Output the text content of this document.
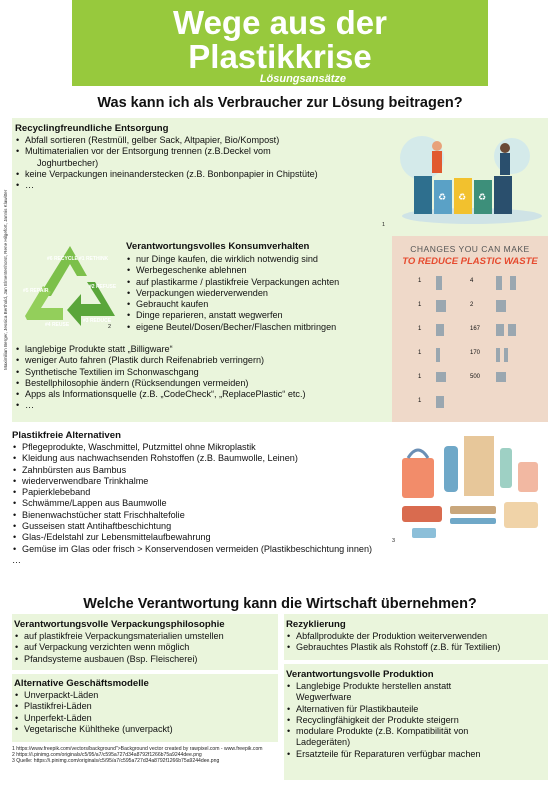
Maximilian Berger, Jessica Berthold, Jan Elmentenhorst, Rene Hilgefort, Jannis Klawitter
Wege aus der
Plastikkrise
Lösungsansätze
Was kann ich als Verbraucher zur Lösung beitragen?
Recyclingfreundliche Entsorgung
• Abfall sortieren (Restmüll, gelber Sack, Altpapier, Bio/Kompost)
• Multimaterialien vor der Entsorgung trennen (z.B.Deckel vom
Joghurtbecher)
• keine Verpackungen ineinanderstecken (z.B. Bonbonpapier in Chipstüte)
• …
1
♻ ♻ ♻
#6 RECYCLE #1 RETHINK
#2 REFUSE
#3 REDUCE
#4 REUSE
#5 REPAIR
2
Verantwortungsvolles Konsumverhalten
• nur Dinge kaufen, die wirklich notwendig sind
• Werbegeschenke ablehnen
• auf plastikarme / plastikfreie Verpackungen achten
• Verpackungen wiederverwenden
• Gebraucht kaufen
• Dinge reparieren, anstatt wegwerfen
• eigene Beutel/Dosen/Becher/Flaschen mitbringen
• langlebige Produkte statt „Billigware“
• weniger Auto fahren (Plastik durch Reifenabrieb verringern)
• Synthetische Textilien im Schonwaschgang
• Bestellphilosophie ändern (Rücksendungen vermeiden)
• Apps als Informationsquelle (z.B. „CodeCheck“, „ReplacePlastic“ etc.)
• …
CHANGES YOU CAN MAKE
TO REDUCE PLASTIC WASTE
1
1
1
1
1
1
4
2
167
170
500
Plastikfreie Alternativen
• Pflegeprodukte, Waschmittel, Putzmittel ohne Mikroplastik
• Kleidung aus nachwachsenden Rohstoffen (z.B. Baumwolle, Leinen)
• Zahnbürsten aus Bambus
• wiederverwendbare Trinkhalme
• Papierklebeband
• Schwämme/Lappen aus Baumwolle
• Bienenwachstücher statt Frischhaltefolie
• Gusseisen statt Antihaftbeschichtung
• Glas-/Edelstahl zur Lebensmittelaufbewahrung
• Gemüse im Glas oder frisch > Konservendosen vermeiden (Plastikbeschichtung innen)
…
3
Welche Verantwortung kann die Wirtschaft übernehmen?
Verantwortungsvolle Verpackungsphilosophie
• auf plastikfreie Verpackungsmaterialien umstellen
• auf Verpackung verzichten wenn möglich
• Pfandsysteme ausbauen (Bsp. Fleischerei)
Alternative Geschäftsmodelle
• Unverpackt-Läden
• Plastikfrei-Läden
• Unperfekt-Läden
• Vegetarische Kühltheke (unverpackt)
Rezyklierung
• Abfallprodukte der Produktion weiterverwenden
• Gebrauchtes Plastik als Rohstoff (z.B. für Textilien)
Verantwortungsvolle Produktion
• Langlebige Produkte herstellen anstatt
Wegwerfware
• Alternativen für Plastikbauteile
• Recyclingfähigkeit der Produkte steigern
• modulare Produkte (z.B. Kompatibilität von
Ladegeräten)
• Ersatzteile für Reparaturen verfügbar machen
1 https://www.freepik.com/vectors/background">Background vector created by rawpixel.com - www.freepik.com
2 https://i.pinimg.com/originals/c5/95/a7/c595a727d34a8792f1266b75a9244dee.png
3 Quelle: https://i.pinimg.com/originals/c5/95/a7/c595a727d34a8792f1266b75a9244dee.png
